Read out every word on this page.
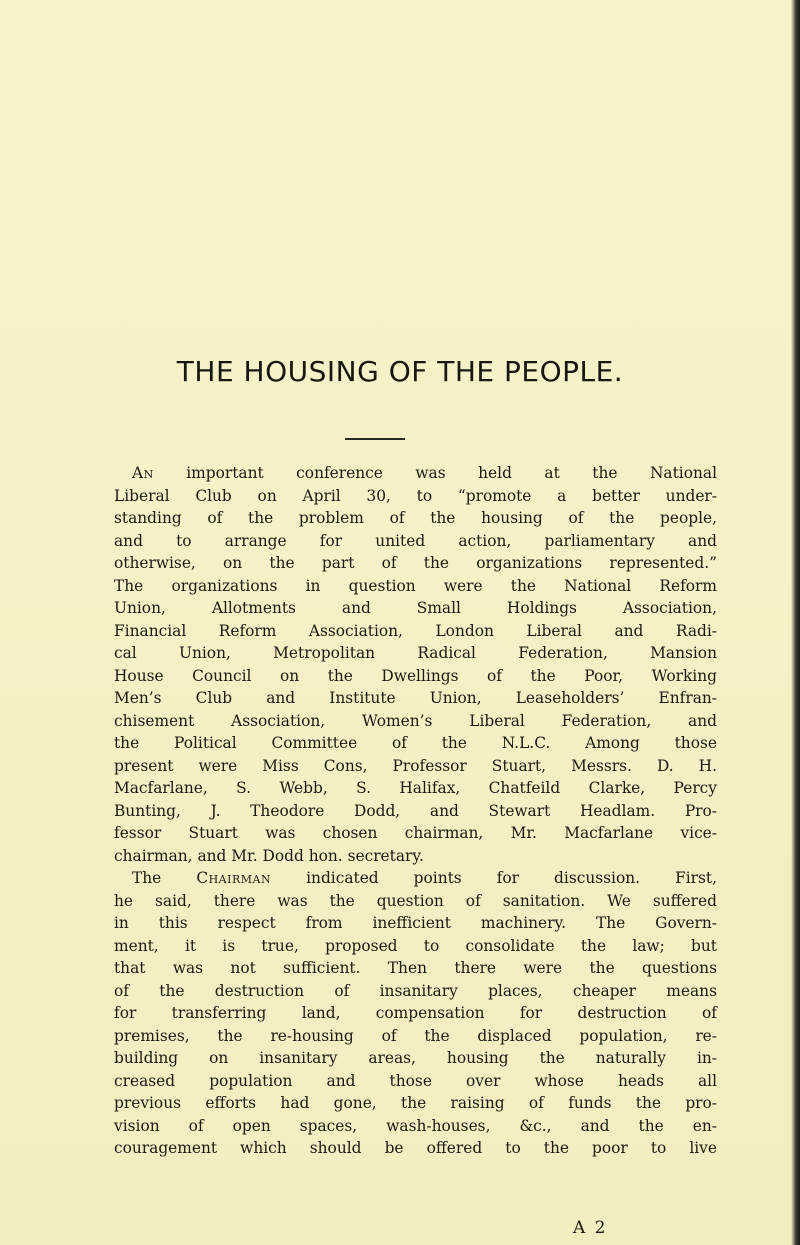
THE HOUSING OF THE PEOPLE.

An important conference was held at the National
Liberal Club on April 30, to “promote a better under-
standing of the problem of the housing of the people,
and to arrange for united action, parliamentary and
otherwise, on the part of the organizations represented.”
The organizations in question were the National Reform
Union, Allotments and Small Holdings Association,
Financial Reform Association, London Liberal and Radi-
cal Union, Metropolitan Radical Federation, Mansion
House Council on the Dwellings of the Poor, Working
Men’s Club and Institute Union, Leaseholders’ Enfran-
chisement Association, Women’s Liberal Federation, and
the Political Committee of the N.L.C. Among those
present were Miss Cons, Professor Stuart, Messrs. D. H.
Macfarlane, S. Webb, S. Halifax, Chatfeild Clarke, Percy
Bunting, J. Theodore Dodd, and Stewart Headlam. Pro-
fessor Stuart was chosen chairman, Mr. Macfarlane vice-
chairman, and Mr. Dodd hon. secretary.

The Chairman indicated points for discussion. First,
he said, there was the question of sanitation. We suffered
in this respect from inefficient machinery. The Govern-
ment, it is true, proposed to consolidate the law; but
that was not sufficient. Then there were the questions
of the destruction of insanitary places, cheaper means
for transferring land, compensation for destruction of
premises, the re-housing of the displaced population, re-
building on insanitary areas, housing the naturally in-
creased population and those over whose heads all
previous efforts had gone, the raising of funds the pro-
vision of open spaces, wash-houses, &c., and the en-
couragement which should be offered to the poor to live

A 2
